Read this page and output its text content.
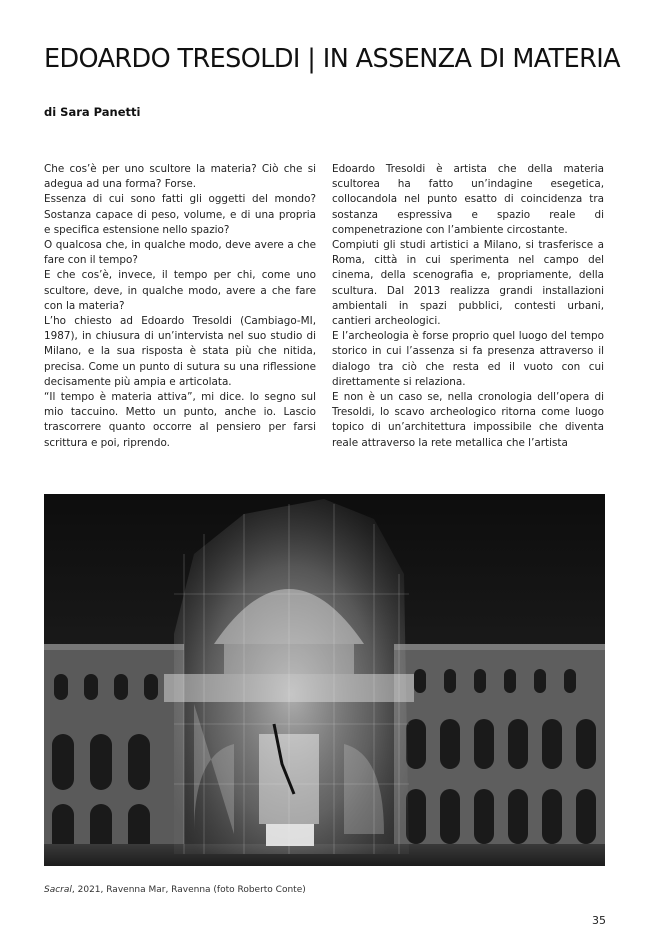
EDOARDO TRESOLDI | IN ASSENZA DI MATERIA
di Sara Panetti

Che cos’è per uno scultore la materia? Ciò che si adegua ad una forma? Forse.

Essenza di cui sono fatti gli oggetti del mondo? Sostanza capace di peso, volume, e di una propria e specifica estensione nello spazio?

O qualcosa che, in qualche modo, deve avere a che fare con il tempo?

E che cos’è, invece, il tempo per chi, come uno scultore, deve, in qualche modo, avere a che fare con la materia?

L’ho chiesto ad Edoardo Tresoldi (Cambiago-MI, 1987), in chiusura di un’intervista nel suo studio di Milano, e la sua risposta è stata più che nitida, precisa. Come un punto di sutura su una riflessione decisamente più ampia e articolata.

“Il tempo è materia attiva”, mi dice. lo segno sul mio taccuino. Metto un punto, anche io. Lascio trascorrere quanto occorre al pensiero per farsi scrittura e poi, riprendo.

Edoardo Tresoldi è artista che della materia scultorea ha fatto un’indagine esegetica, collocandola nel punto esatto di coincidenza tra sostanza espressiva e spazio reale di compenetrazione con l’ambiente circostante.

Compiuti gli studi artistici a Milano, si trasferisce a Roma, città in cui sperimenta nel campo del cinema, della scenografia e, propriamente, della scultura. Dal 2013 realizza grandi installazioni ambientali in spazi pubblici, contesti urbani, cantieri archeologici.

E l’archeologia è forse proprio quel luogo del tempo storico in cui l’assenza si fa presenza attraverso il dialogo tra ciò che resta ed il vuoto con cui direttamente si relaziona.

E non è un caso se, nella cronologia dell’opera di Tresoldi, lo scavo archeologico ritorna come luogo topico di un’architettura impossibile che diventa reale attraverso la rete metallica che l’artista

Sacral, 2021, Ravenna Mar, Ravenna (foto Roberto Conte)
35
